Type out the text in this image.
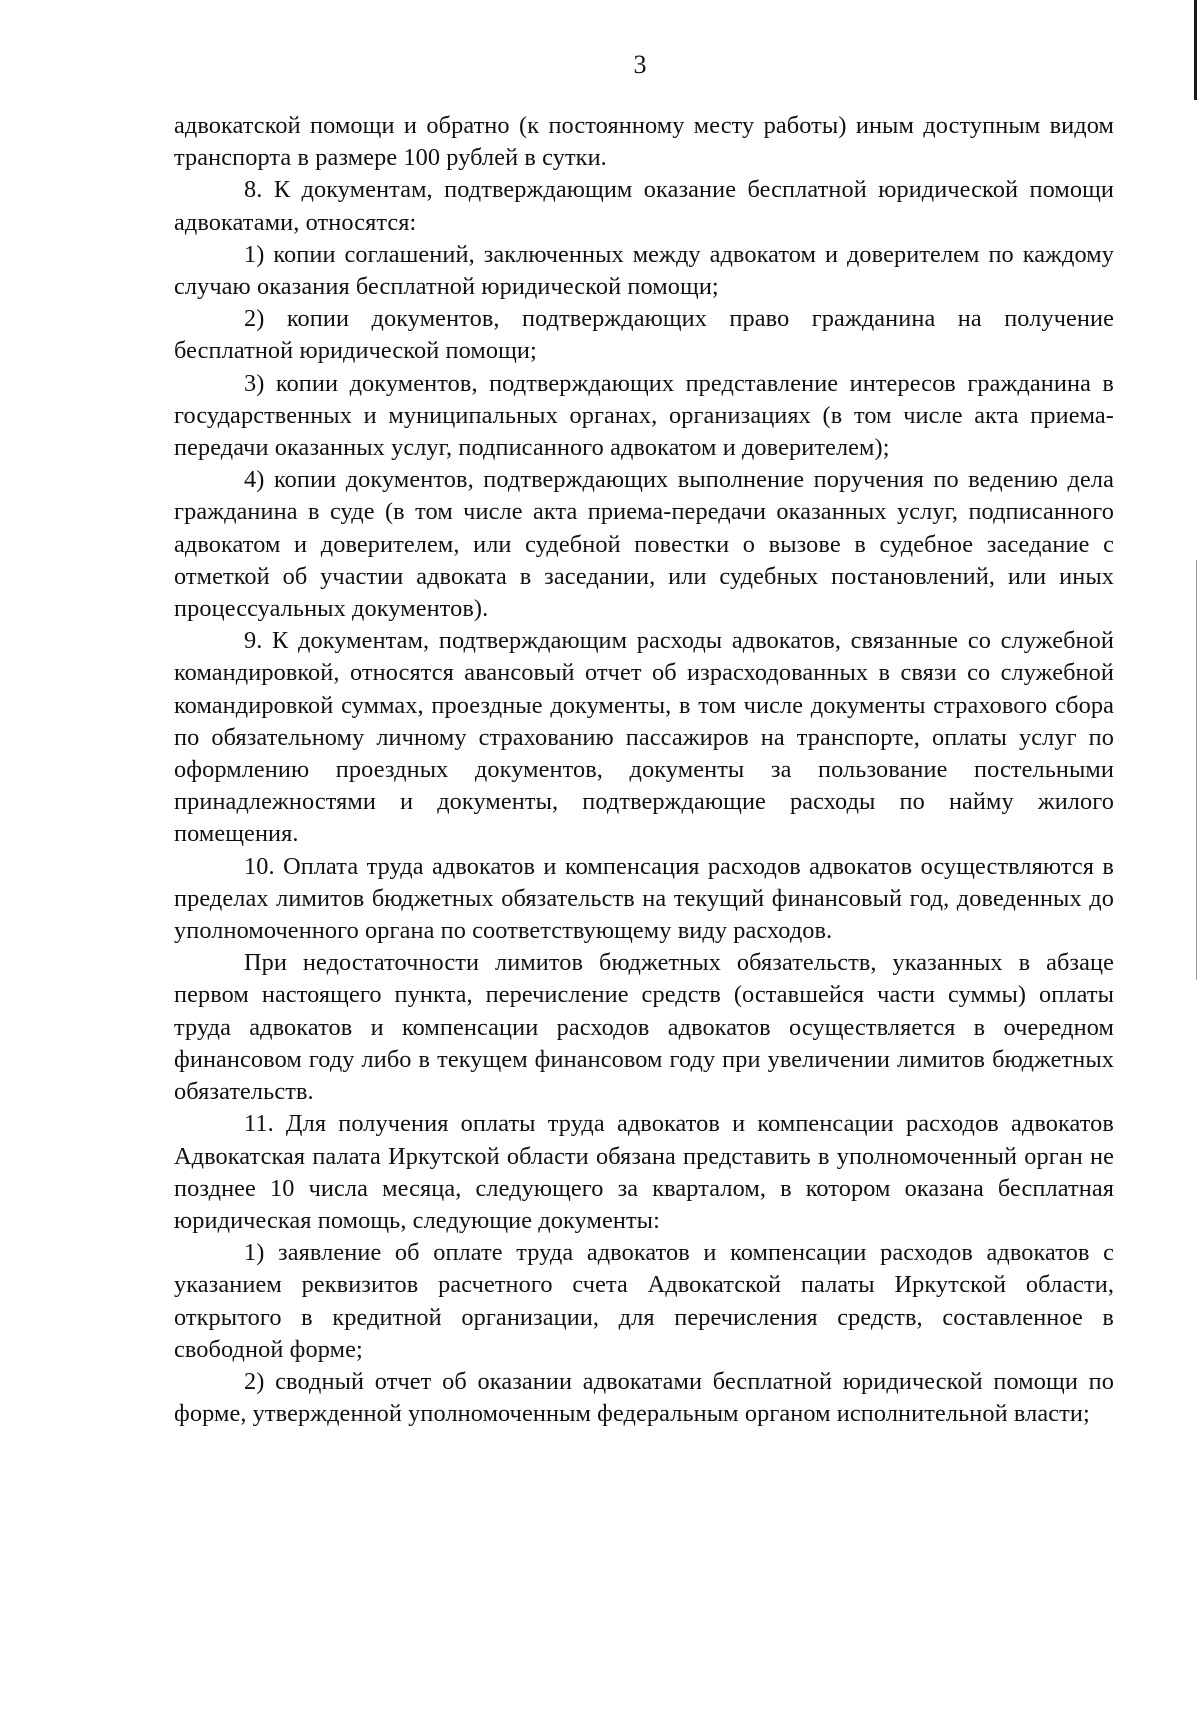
3

адвокатской помощи и обратно (к постоянному месту работы) иным доступным видом транспорта в размере 100 рублей в сутки.

8. К документам, подтверждающим оказание бесплатной юридической помощи адвокатами, относятся:

1) копии соглашений, заключенных между адвокатом и доверителем по каждому случаю оказания бесплатной юридической помощи;

2) копии документов, подтверждающих право гражданина на получение бесплатной юридической помощи;

3) копии документов, подтверждающих представление интересов гражданина в государственных и муниципальных органах, организациях (в том числе акта приема-передачи оказанных услуг, подписанного адвокатом и доверителем);

4) копии документов, подтверждающих выполнение поручения по ведению дела гражданина в суде (в том числе акта приема-передачи оказанных услуг, подписанного адвокатом и доверителем, или судебной повестки о вызове в судебное заседание с отметкой об участии адвоката в заседании, или судебных постановлений, или иных процессуальных документов).

9. К документам, подтверждающим расходы адвокатов, связанные со служебной командировкой, относятся авансовый отчет об израсходованных в связи со служебной командировкой суммах, проездные документы, в том числе документы страхового сбора по обязательному личному страхованию пассажиров на транспорте, оплаты услуг по оформлению проездных документов, документы за пользование постельными принадлежностями и документы, подтверждающие расходы по найму жилого помещения.

10. Оплата труда адвокатов и компенсация расходов адвокатов осуществляются в пределах лимитов бюджетных обязательств на текущий финансовый год, доведенных до уполномоченного органа по соответствующему виду расходов.

При недостаточности лимитов бюджетных обязательств, указанных в абзаце первом настоящего пункта, перечисление средств (оставшейся части суммы) оплаты труда адвокатов и компенсации расходов адвокатов осуществляется в очередном финансовом году либо в текущем финансовом году при увеличении лимитов бюджетных обязательств.

11. Для получения оплаты труда адвокатов и компенсации расходов адвокатов Адвокатская палата Иркутской области обязана представить в уполномоченный орган не позднее 10 числа месяца, следующего за кварталом, в котором оказана бесплатная юридическая помощь, следующие документы:

1) заявление об оплате труда адвокатов и компенсации расходов адвокатов с указанием реквизитов расчетного счета Адвокатской палаты Иркутской области, открытого в кредитной организации, для перечисления средств, составленное в свободной форме;

2) сводный отчет об оказании адвокатами бесплатной юридической помощи по форме, утвержденной уполномоченным федеральным органом исполнительной власти;
